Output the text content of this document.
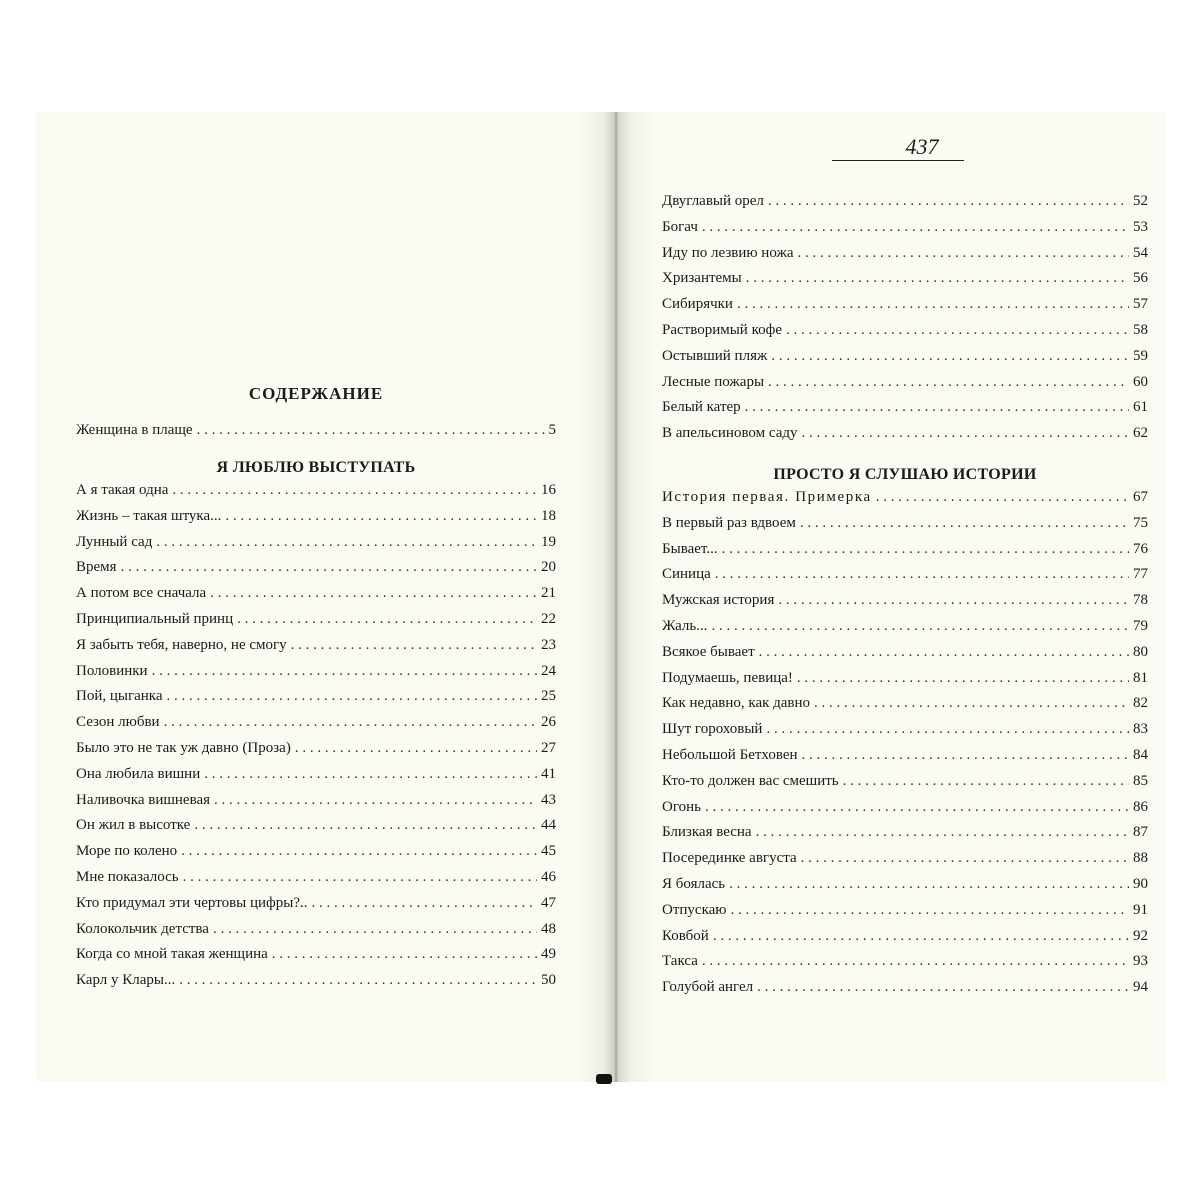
СОДЕРЖАНИЕ
Женщина в плаще . . .	5
Я ЛЮБЛЮ ВЫСТУПАТЬ
А я такая одна . . .	16
Жизнь – такая штука... . . .	18
Лунный сад . . .	19
Время . . .	20
А потом все сначала . . .	21
Принципиальный принц . . .	22
Я забыть тебя, наверно, не смогу . . .	23
Половинки . . .	24
Пой, цыганка . . .	25
Сезон любви . . .	26
Было это не так уж давно (Проза) . . .	27
Она любила вишни . . .	41
Наливочка вишневая . . .	43
Он жил в высотке . . .	44
Море по колено . . .	45
Мне показалось . . .	46
Кто придумал эти чертовы цифры?.. . . .	47
Колокольчик детства . . .	48
Когда со мной такая женщина . . .	49
Карл у Клары... . . .	50
437
Двуглавый орел . . .	52
Богач . . .	53
Иду по лезвию ножа . . .	54
Хризантемы . . .	56
Сибирячки . . .	57
Растворимый кофе . . .	58
Остывший пляж . . .	59
Лесные пожары . . .	60
Белый катер . . .	61
В апельсиновом саду . . .	62
ПРОСТО Я СЛУШАЮ ИСТОРИИ
История первая. Примерка . . .	67
В первый раз вдвоем . . .	75
Бывает... . . .	76
Синица . . .	77
Мужская история . . .	78
Жаль... . . .	79
Всякое бывает . . .	80
Подумаешь, певица! . . .	81
Как недавно, как давно . . .	82
Шут гороховый . . .	83
Небольшой Бетховен . . .	84
Кто-то должен вас смешить . . .	85
Огонь . . .	86
Близкая весна . . .	87
Посерединке августа . . .	88
Я боялась . . .	90
Отпускаю . . .	91
Ковбой . . .	92
Такса . . .	93
Голубой ангел . . .	94
